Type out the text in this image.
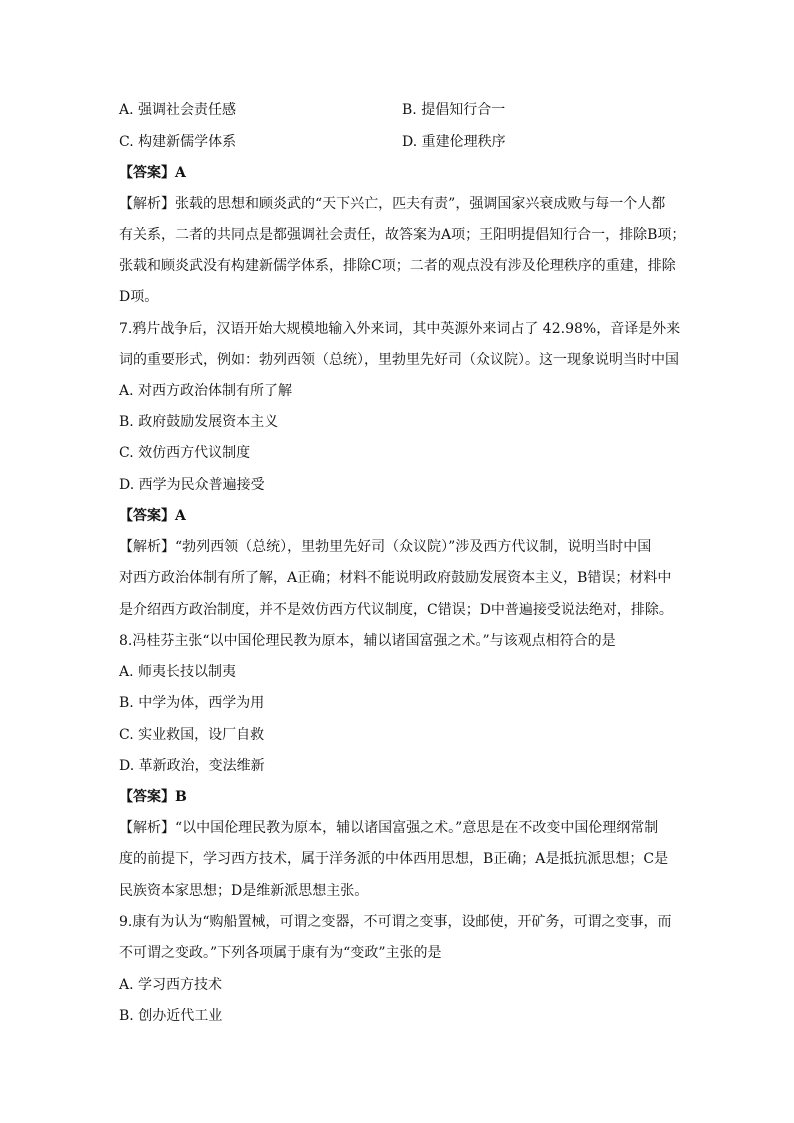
A. 强调社会责任感	B. 提倡知行合一
C. 构建新儒学体系	D. 重建伦理秩序
【答案】A
【解析】张载的思想和顾炎武的“天下兴亡，匹夫有责”，强调国家兴衰成败与每一个人都
有关系，二者的共同点是都强调社会责任，故答案为A项；王阳明提倡知行合一，排除B项；
张载和顾炎武没有构建新儒学体系，排除C项；二者的观点没有涉及伦理秩序的重建，排除
D项。
7.鸦片战争后，汉语开始大规模地输入外来词，其中英源外来词占了 42.98%，音译是外来
词的重要形式，例如：勃列西领（总统），里勃里先好司（众议院）。这一现象说明当时中国
A. 对西方政治体制有所了解
B. 政府鼓励发展资本主义
C. 效仿西方代议制度
D. 西学为民众普遍接受
【答案】A
【解析】“勃列西领（总统），里勃里先好司（众议院）”涉及西方代议制，说明当时中国
对西方政治体制有所了解，A正确；材料不能说明政府鼓励发展资本主义，B错误；材料中
是介绍西方政治制度，并不是效仿西方代议制度，C错误；D中普遍接受说法绝对，排除。
8.冯桂芬主张“以中国伦理民教为原本，辅以诸国富强之术。”与该观点相符合的是
A. 师夷长技以制夷
B. 中学为体，西学为用
C. 实业救国，设厂自救
D. 革新政治，变法维新
【答案】B
【解析】“以中国伦理民教为原本，辅以诸国富强之术。”意思是在不改变中国伦理纲常制
度的前提下，学习西方技术，属于洋务派的中体西用思想，B正确；A是抵抗派思想；C是
民族资本家思想；D是维新派思想主张。
9.康有为认为“购船置械，可谓之变器，不可谓之变事，设邮使，开矿务，可谓之变事，而
不可谓之变政。”下列各项属于康有为“变政”主张的是
A. 学习西方技术
B. 创办近代工业
